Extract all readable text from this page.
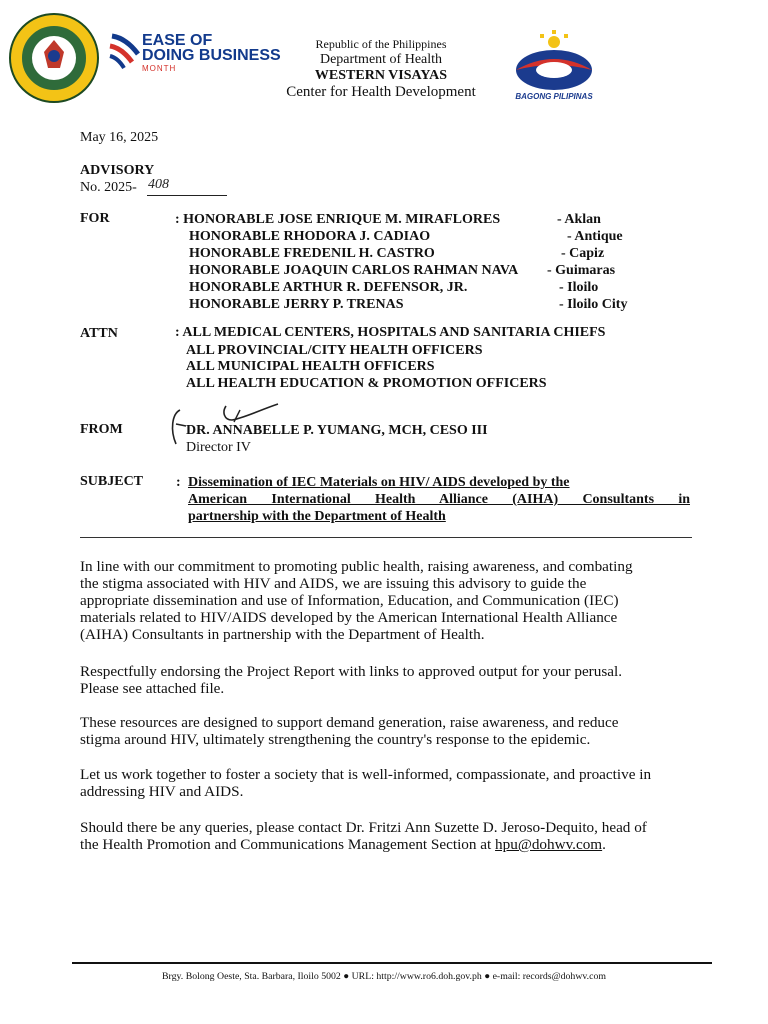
EASE OF
DOING BUSINESS
MONTH
Republic of the Philippines
Department of Health
WESTERN VISAYAS
Center for Health Development	BAGONG PILIPINAS
May 16, 2025
ADVISORY
No. 2025- 408
FOR	: HONORABLE JOSE ENRIQUE M. MIRAFLORES	- Aklan
HONORABLE RHODORA J. CADIAO	- Antique
HONORABLE FREDENIL H. CASTRO	- Capiz
HONORABLE JOAQUIN CARLOS RAHMAN NAVA - Guimaras
HONORABLE ARTHUR R. DEFENSOR, JR.	- Iloilo
HONORABLE JERRY P. TRENAS	- Iloilo City
ATTN	: ALL MEDICAL CENTERS, HOSPITALS AND SANITARIA CHIEFS
ALL PROVINCIAL/CITY HEALTH OFFICERS
ALL MUNICIPAL HEALTH OFFICERS
ALL HEALTH EDUCATION & PROMOTION OFFICERS
FROM	DR. ANNABELLE P. YUMANG, MCH, CESO III
Director IV
SUBJECT : Dissemination of IEC Materials on HIV/ AIDS developed by the
American International Health Alliance (AIHA) Consultants in
partnership with the Department of Health
In line with our commitment to promoting public health, raising awareness, and combating
the stigma associated with HIV and AIDS, we are issuing this advisory to guide the
appropriate dissemination and use of Information, Education, and Communication (IEC)
materials related to HIV/AIDS developed by the American International Health Alliance
(AIHA) Consultants in partnership with the Department of Health.
Respectfully endorsing the Project Report with links to approved output for your perusal.
Please see attached file.
These resources are designed to support demand generation, raise awareness, and reduce
stigma around HIV, ultimately strengthening the country's response to the epidemic.
Let us work together to foster a society that is well-informed, compassionate, and proactive in
addressing HIV and AIDS.
Should there be any queries, please contact Dr. Fritzi Ann Suzette D. Jeroso-Dequito, head of
the Health Promotion and Communications Management Section at hpu@dohwv.com.
Brgy. Bolong Oeste, Sta. Barbara, Iloilo 5002 ● URL: http://www.ro6.doh.gov.ph ● e-mail: records@dohwv.com
